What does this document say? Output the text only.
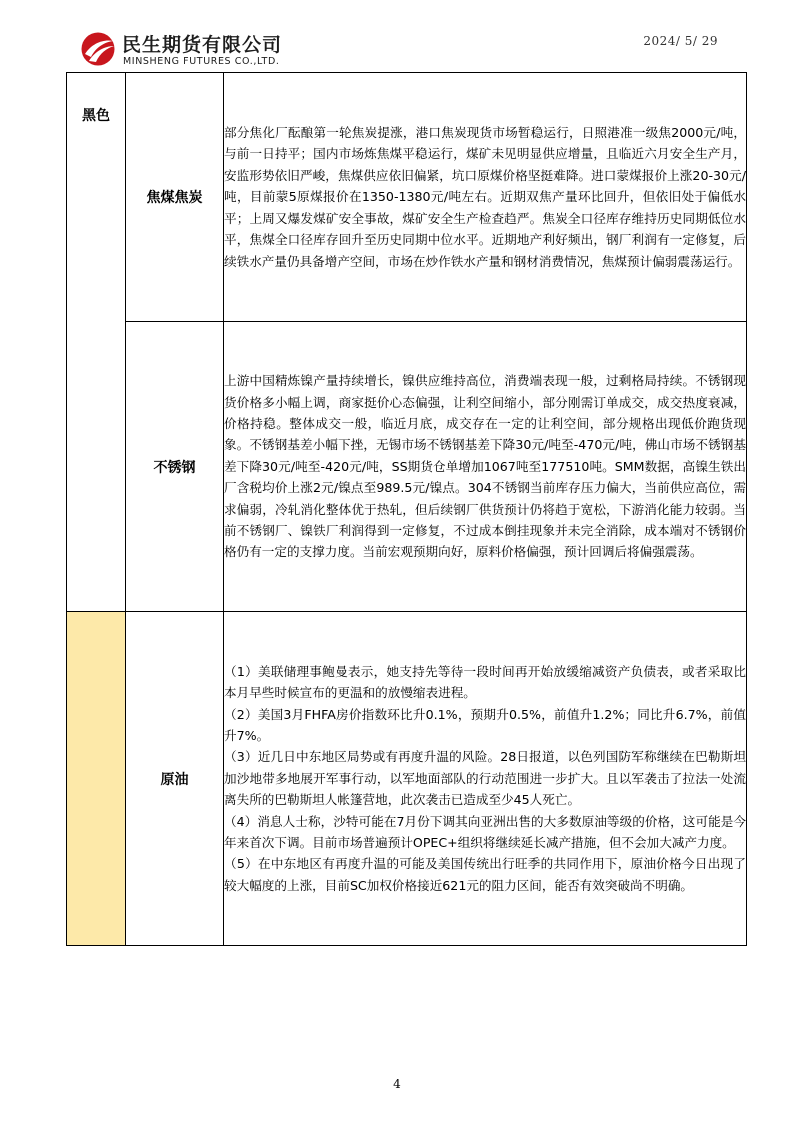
民生期货有限公司
MINSHENG FUTURES CO.,LTD.
2024/ 5/ 29
黑色	焦煤焦炭	部分焦化厂酝酿第一轮焦炭提涨，港口焦炭现货市场暂稳运行，日照港准一级焦2000元/吨，与前一日持平；国内市场炼焦煤平稳运行，煤矿未见明显供应增量，且临近六月安全生产月，安监形势依旧严峻，焦煤供应依旧偏紧，坑口原煤价格坚挺难降。进口蒙煤报价上涨20-30元/吨，目前蒙5原煤报价在1350-1380元/吨左右。近期双焦产量环比回升，但依旧处于偏低水平；上周又爆发煤矿安全事故，煤矿安全生产检查趋严。焦炭全口径库存维持历史同期低位水平，焦煤全口径库存回升至历史同期中位水平。近期地产利好频出，钢厂利润有一定修复，后续铁水产量仍具备增产空间，市场在炒作铁水产量和钢材消费情况，焦煤预计偏弱震荡运行。

	不锈钢	上游中国精炼镍产量持续增长，镍供应维持高位，消费端表现一般，过剩格局持续。不锈钢现货价格多小幅上调，商家挺价心态偏强，让利空间缩小，部分刚需订单成交，成交热度衰减，价格持稳。整体成交一般，临近月底，成交存在一定的让利空间，部分规格出现低价跑货现象。不锈钢基差小幅下挫，无锡市场不锈钢基差下降30元/吨至-470元/吨，佛山市场不锈钢基差下降30元/吨至-420元/吨，SS期货仓单增加1067吨至177510吨。SMM数据，高镍生铁出厂含税均价上涨2元/镍点至989.5元/镍点。304不锈钢当前库存压力偏大，当前供应高位，需求偏弱，冷轧消化整体优于热轧，但后续钢厂供货预计仍将趋于宽松，下游消化能力较弱。当前不锈钢厂、镍铁厂利润得到一定修复，不过成本倒挂现象并未完全消除，成本端对不锈钢价格仍有一定的支撑力度。当前宏观预期向好，原料价格偏强，预计回调后将偏强震荡。

	原油	（1）美联储理事鲍曼表示，她支持先等待一段时间再开始放缓缩减资产负债表，或者采取比本月早些时候宣布的更温和的放慢缩表进程。

（2）美国3月FHFA房价指数环比升0.1%，预期升0.5%，前值升1.2%；同比升6.7%，前值升7%。

（3）近几日中东地区局势或有再度升温的风险。28日报道，以色列国防军称继续在巴勒斯坦加沙地带多地展开军事行动，以军地面部队的行动范围进一步扩大。且以军袭击了拉法一处流离失所的巴勒斯坦人帐篷营地，此次袭击已造成至少45人死亡。

（4）消息人士称，沙特可能在7月份下调其向亚洲出售的大多数原油等级的价格，这可能是今年来首次下调。目前市场普遍预计OPEC+组织将继续延长减产措施，但不会加大减产力度。

（5）在中东地区有再度升温的可能及美国传统出行旺季的共同作用下，原油价格今日出现了较大幅度的上涨，目前SC加权价格接近621元的阻力区间，能否有效突破尚不明确。

4
